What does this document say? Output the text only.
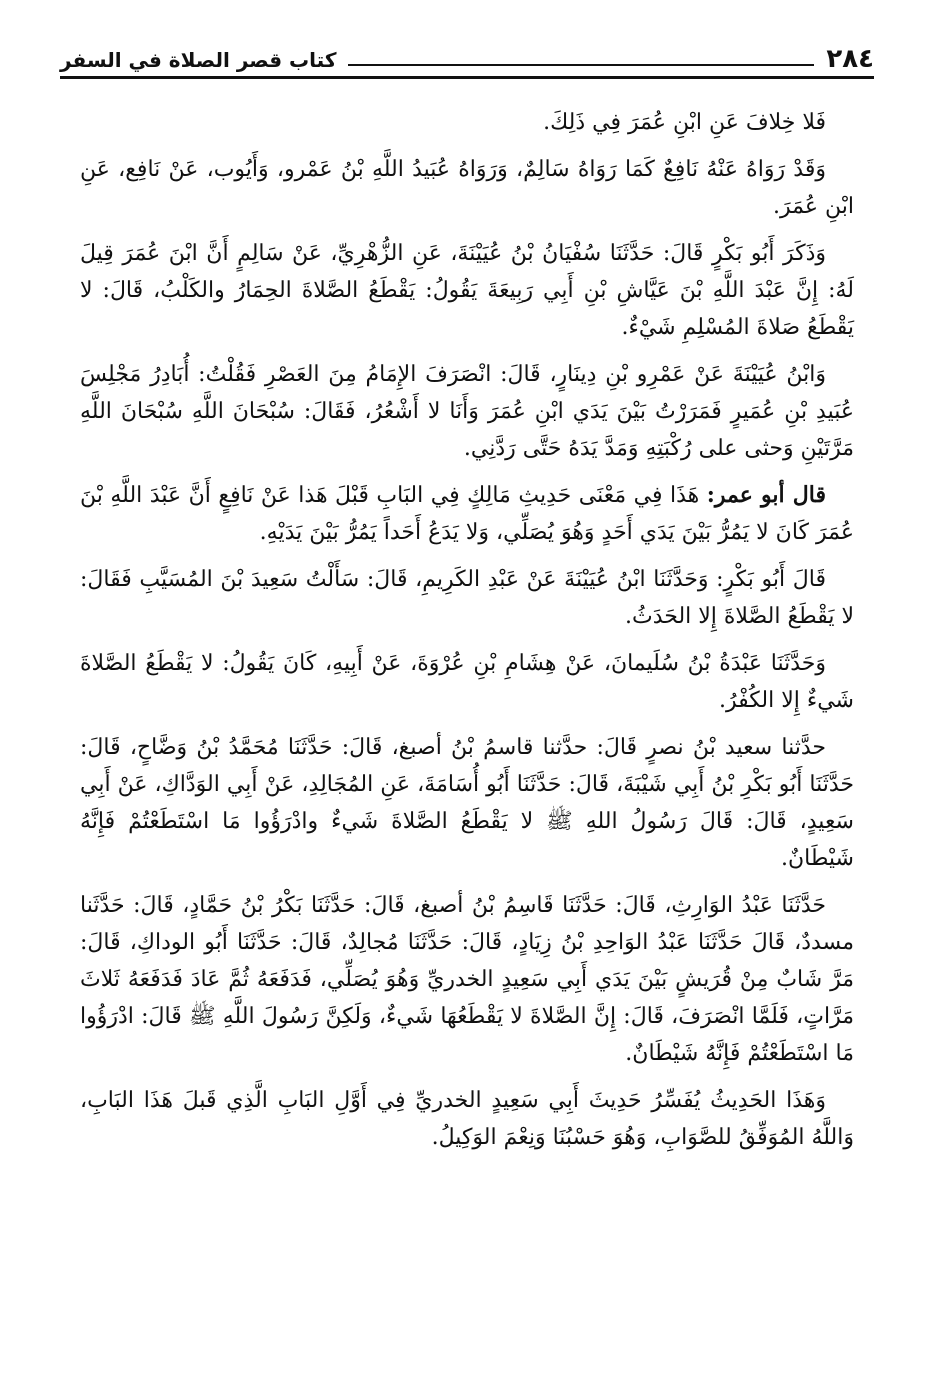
٢٨٤
كتاب قصر الصلاة في السفر

فَلا خِلافَ عَنِ ابْنِ عُمَرَ فِي ذَلِكَ.

وَقَدْ رَوَاهُ عَنْهُ نَافِعٌ كَمَا رَوَاهُ سَالِمٌ، وَرَوَاهُ عُبَيدُ اللَّهِ بْنُ عَمْرو، وَأَيُوب، عَنْ نَافِع، عَنِ ابْنِ عُمَرَ.

وَذَكَرَ أَبُو بَكْرٍ قَالَ: حَدَّثَنَا سُفْيَانُ بْنُ عُيَيْنَةَ، عَنِ الزُّهْرِيِّ، عَنْ سَالِمٍ أَنَّ ابْنَ عُمَرَ قِيلَ لَهُ: إِنَّ عَبْدَ اللَّهِ بْنَ عَيَّاشِ بْنِ أَبِي رَبِيعَةَ يَقُولُ: يَقْطَعُ الصَّلاةَ الحِمَارُ والكَلْبُ، قَالَ: لا يَقْطَعُ صَلاةَ المُسْلِمِ شَيْءٌ.

وَابْنُ عُيَيْنَةَ عَنْ عَمْرِو بْنِ دِينَارٍ، قَالَ: انْصَرَفَ الإِمَامُ مِنَ العَصْرِ فَقُلْتُ: أُبَادِرُ مَجْلِسَ عُبَيدِ بْنِ عُمَيرٍ فَمَرَرْتُ بَيْنَ يَدَي ابْنِ عُمَرَ وَأَنَا لا أَشْعُرُ، فَقَالَ: سُبْحَانَ اللَّهِ سُبْحَانَ اللَّهِ مَرَّتَيْنِ وَحثى على رُكْبَتِهِ وَمَدَّ يَدَهُ حَتَّى رَدَّنِي.

قال أبو عمر: هَذَا فِي مَعْنَى حَدِيثِ مَالِكٍ فِي البَابِ قَبْلَ هَذا عَنْ نَافِعٍ أَنَّ عَبْدَ اللَّهِ بْنَ عُمَرَ كَانَ لا يَمُرُّ بَيْنَ يَدَي أَحَدٍ وَهُوَ يُصَلِّي، وَلا يَدَعُ أَحَداً يَمُرُّ بَيْنَ يَدَيْهِ.

قَالَ أَبُو بَكْرٍ: وَحَدَّثَنَا ابْنُ عُيَيْنَةَ عَنْ عَبْدِ الكَرِيمِ، قَالَ: سَأَلْتُ سَعِيدَ بْنَ المُسَيَّبِ فَقَالَ: لا يَقْطَعُ الصَّلاةَ إِلا الحَدَثُ.

وَحَدَّثَنَا عَبْدَةُ بْنُ سُلَيمانَ، عَنْ هِشَامِ بْنِ عُرْوَةَ، عَنْ أَبِيهِ، كَانَ يَقُولُ: لا يَقْطَعُ الصَّلاةَ شَيءٌ إِلا الكُفْرُ.

حدَّثنا سعيد بْنُ نصرٍ قَالَ: حدَّثنا قاسمُ بْنُ أصبغ، قَالَ: حَدَّثَنَا مُحَمَّدُ بْنُ وَضَّاحٍ، قَالَ: حَدَّثَنَا أَبُو بَكْرِ بْنُ أَبِي شَيْبَةَ، قَالَ: حَدَّثَنَا أَبُو أُسَامَةَ، عَنِ المُجَالِدِ، عَنْ أَبِي الوَدَّاكِ، عَنْ أَبِي سَعِيدٍ، قَالَ: قَالَ رَسُولُ اللهِ ﷺ لا يَقْطَعُ الصَّلاةَ شَيءٌ وادْرَؤُوا مَا اسْتَطَعْتُمْ فَإِنَّهُ شَيْطَانٌ.

حَدَّثَنَا عَبْدُ الوَارِثِ، قَالَ: حَدَّثَنَا قَاسِمُ بْنُ أصبغ، قَالَ: حَدَّثَنَا بَكْرُ بْنُ حَمَّادٍ، قَالَ: حَدَّثَنا مسددٌ، قَالَ حَدَّثَنَا عَبْدُ الوَاحِدِ بْنُ زِيَادٍ، قَالَ: حَدَّثَنَا مُجالِدٌ، قَالَ: حَدَّثَنَا أَبُو الوداكِ، قَالَ: مَرَّ شَابٌ مِنْ قُرَيشٍ بَيْنَ يَدَي أَبِي سَعِيدٍ الخدريِّ وَهُوَ يُصَلِّي، فَدَفَعَهُ ثُمَّ عَادَ فَدَفَعَهُ ثَلاثَ مَرَّاتٍ، فَلَمَّا انْصَرَفَ، قَالَ: إِنَّ الصَّلاةَ لا يَقْطَعُهَا شَيءٌ، وَلَكِنَّ رَسُولَ اللَّهِ ﷺ قَالَ: ادْرَؤُوا مَا اسْتَطَعْتُمْ فَإِنَّهُ شَيْطَانٌ.

وَهَذَا الحَدِيثُ يُفَسِّرُ حَدِيثَ أَبِي سَعِيدٍ الخدريِّ فِي أَوَّلِ البَابِ الَّذِي قَبلَ هَذَا البَابِ، وَاللَّهُ المُوَفِّقُ للصَّوَابِ، وَهُوَ حَسْبُنَا وَنِعْمَ الوَكِيلُ.
